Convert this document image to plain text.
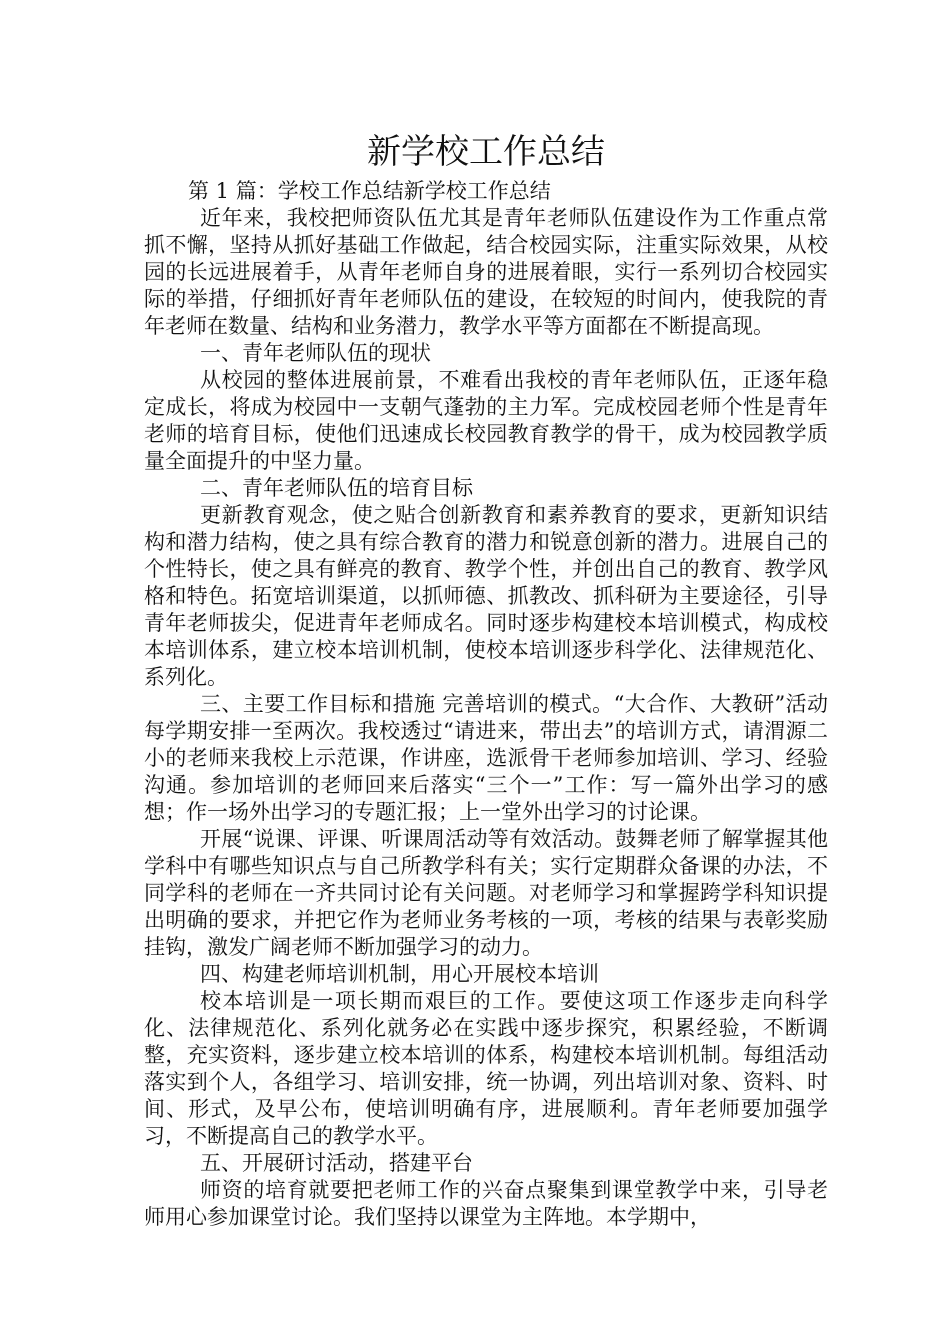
新学校工作总结

第 1 篇：学校工作总结新学校工作总结

近年来，我校把师资队伍尤其是青年老师队伍建设作为工作重点常抓不懈，坚持从抓好基础工作做起，结合校园实际，注重实际效果，从校园的长远进展着手，从青年老师自身的进展着眼，实行一系列切合校园实际的举措，仔细抓好青年老师队伍的建设，在较短的时间内，使我院的青年老师在数量、结构和业务潜力，教学水平等方面都在不断提高现。

一、青年老师队伍的现状

从校园的整体进展前景，不难看出我校的青年老师队伍，正逐年稳定成长，将成为校园中一支朝气蓬勃的主力军。完成校园老师个性是青年老师的培育目标，使他们迅速成长校园教育教学的骨干，成为校园教学质量全面提升的中坚力量。

二、青年老师队伍的培育目标

更新教育观念，使之贴合创新教育和素养教育的要求，更新知识结构和潜力结构，使之具有综合教育的潜力和锐意创新的潜力。进展自己的个性特长，使之具有鲜亮的教育、教学个性，并创出自己的教育、教学风格和特色。拓宽培训渠道，以抓师德、抓教改、抓科研为主要途径，引导青年老师拔尖，促进青年老师成名。同时逐步构建校本培训模式，构成校本培训体系，建立校本培训机制，使校本培训逐步科学化、法律规范化、系列化。

三、主要工作目标和措施 完善培训的模式。“大合作、大教研”活动每学期安排一至两次。我校透过“请进来，带出去”的培训方式，请渭源二小的老师来我校上示范课，作讲座，选派骨干老师参加培训、学习、经验沟通。参加培训的老师回来后落实“三个一”工作：写一篇外出学习的感想；作一场外出学习的专题汇报；上一堂外出学习的讨论课。

开展“说课、评课、听课周活动等有效活动。鼓舞老师了解掌握其他学科中有哪些知识点与自己所教学科有关；实行定期群众备课的办法，不同学科的老师在一齐共同讨论有关问题。对老师学习和掌握跨学科知识提出明确的要求，并把它作为老师业务考核的一项，考核的结果与表彰奖励挂钩，激发广阔老师不断加强学习的动力。

四、构建老师培训机制，用心开展校本培训

校本培训是一项长期而艰巨的工作。要使这项工作逐步走向科学化、法律规范化、系列化就务必在实践中逐步探究，积累经验，不断调整，充实资料，逐步建立校本培训的体系，构建校本培训机制。每组活动落实到个人，各组学习、培训安排，统一协调，列出培训对象、资料、时间、形式，及早公布，使培训明确有序，进展顺利。青年老师要加强学习，不断提高自己的教学水平。

五、开展研讨活动，搭建平台

师资的培育就要把老师工作的兴奋点聚集到课堂教学中来，引导老师用心参加课堂讨论。我们坚持以课堂为主阵地。本学期中，
